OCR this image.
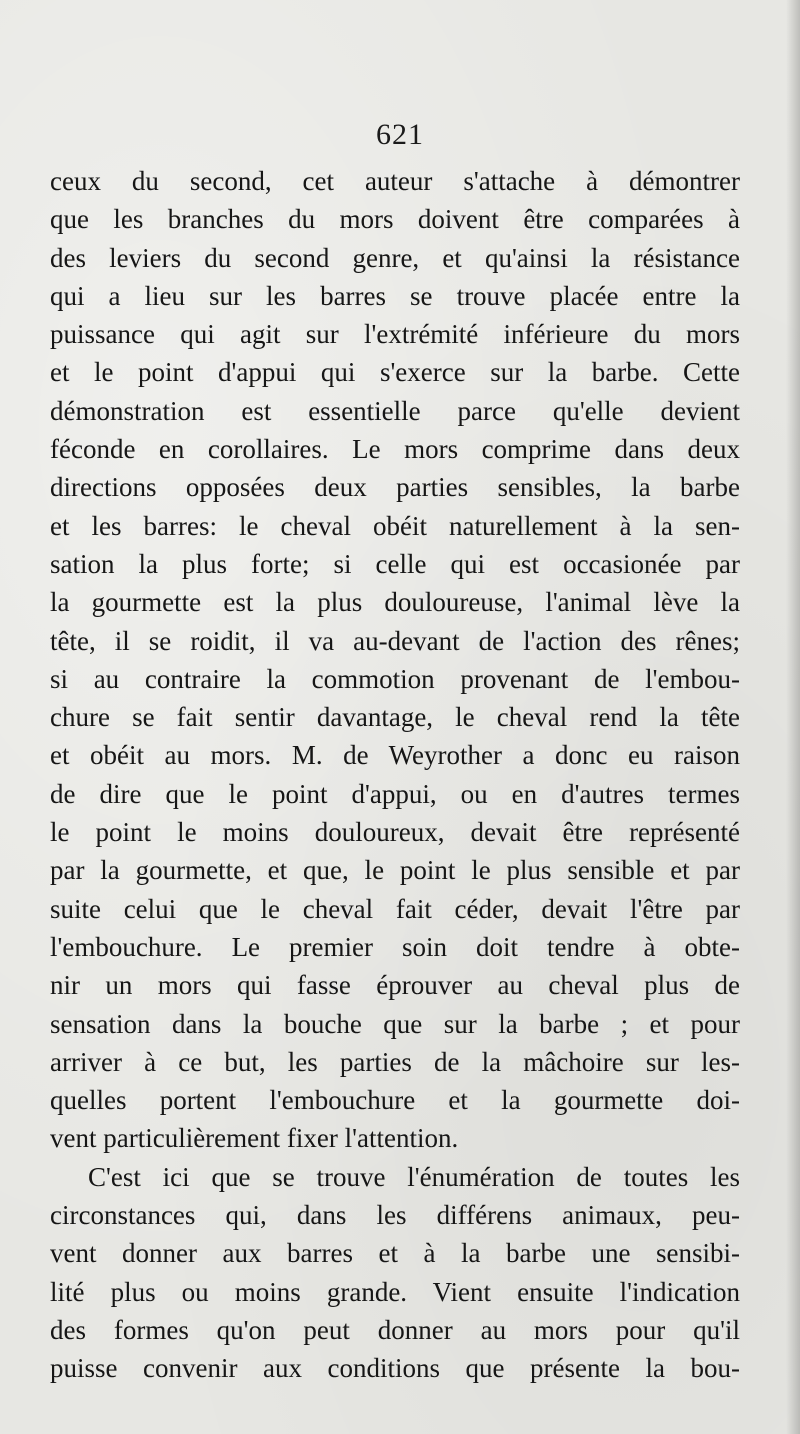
621
ceux du second, cet auteur s'attache à démontrer
que les branches du mors doivent être comparées à
des leviers du second genre, et qu'ainsi la résistance
qui a lieu sur les barres se trouve placée entre la
puissance qui agit sur l'extrémité inférieure du mors
et le point d'appui qui s'exerce sur la barbe. Cette
démonstration est essentielle parce qu'elle devient
féconde en corollaires. Le mors comprime dans deux
directions opposées deux parties sensibles, la barbe
et les barres: le cheval obéit naturellement à la sen-
sation la plus forte; si celle qui est occasionée par
la gourmette est la plus douloureuse, l'animal lève la
tête, il se roidit, il va au-devant de l'action des rênes;
si au contraire la commotion provenant de l'embou-
chure se fait sentir davantage, le cheval rend la tête
et obéit au mors. M. de Weyrother a donc eu raison
de dire que le point d'appui, ou en d'autres termes
le point le moins douloureux, devait être représenté
par la gourmette, et que, le point le plus sensible et par
suite celui que le cheval fait céder, devait l'être par
l'embouchure. Le premier soin doit tendre à obte-
nir un mors qui fasse éprouver au cheval plus de
sensation dans la bouche que sur la barbe ; et pour
arriver à ce but, les parties de la mâchoire sur les-
quelles portent l'embouchure et la gourmette doi-
vent particulièrement fixer l'attention.
C'est ici que se trouve l'énumération de toutes les
circonstances qui, dans les différens animaux, peu-
vent donner aux barres et à la barbe une sensibi-
lité plus ou moins grande. Vient ensuite l'indication
des formes qu'on peut donner au mors pour qu'il
puisse convenir aux conditions que présente la bou-
